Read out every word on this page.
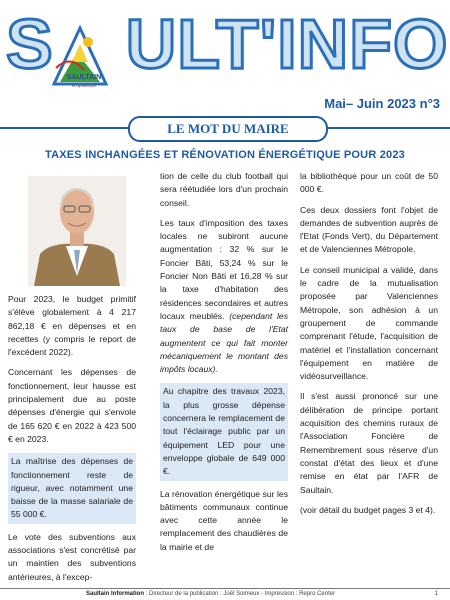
S ULT'INFO
SAULTAIN
le dynamique
Mai– Juin 2023 n°3
LE MOT DU MAIRE
TAXES INCHANGÉES ET RÉNOVATION ÉNERGÉTIQUE POUR 2023

Pour 2023, le budget primitif s'élève globalement à 4 217 862,18 € en dépenses et en recettes (y compris le report de l'excédent 2022).

Concernant les dépenses de fonctionnement, leur hausse est principalement due au poste dépenses d'énergie qui s'envole de 165 620 € en 2022 à 423 500 € en 2023.

La maîtrise des dépenses de fonctionnement reste de rigueur, avec notamment une baisse de la masse salariale de 55 000 €.

Le vote des subventions aux associations s'est concrétisé par un maintien des subventions antérieures, à l'excep-

tion de celle du club football qui sera réétudiée lors d'un prochain conseil.

Les taux d'imposition des taxes locales ne subiront aucune augmentation : 32 % sur le Foncier Bâti, 53,24 % sur le Foncier Non Bâti et 16,28 % sur la taxe d'habitation des résidences secondaires et autres locaux meublés. (cependant les taux de base de l'Etat augmentent ce qui fait monter mécaniquement le montant des impôts locaux).

Au chapitre des travaux 2023, la plus grosse dépense concernera le remplacement de tout l'éclairage public par un équipement LED pour une enveloppe globale de 649 000 €.

La rénovation énergétique sur les bâtiments communaux continue avec cette année le remplacement des chaudières de la mairie et de

la bibliothèque pour un coût de 50 000 €.

Ces deux dossiers font l'objet de demandes de subvention auprès de l'Etat (Fonds Vert), du Département et de Valenciennes Métropole.

Le conseil municipal a validé, dans le cadre de la mutualisation proposée par Valenciennes Métropole, son adhésion à un groupement de commande comprenant l'étude, l'acquisition de matériel et l'installation concernant l'équipement en matière de vidéosurveillance.

Il s'est aussi prononcé sur une délibération de principe portant acquisition des chemins ruraux de l'Association Foncière de Remembrement sous réserve d'un constat d'état des lieux et d'une remise en état par l'AFR de Saultain.

(voir détail du budget pages 3 et 4).

Saultain Information : Directeur de la publication : Joël Soimeux - Impression : Repro Center	1
